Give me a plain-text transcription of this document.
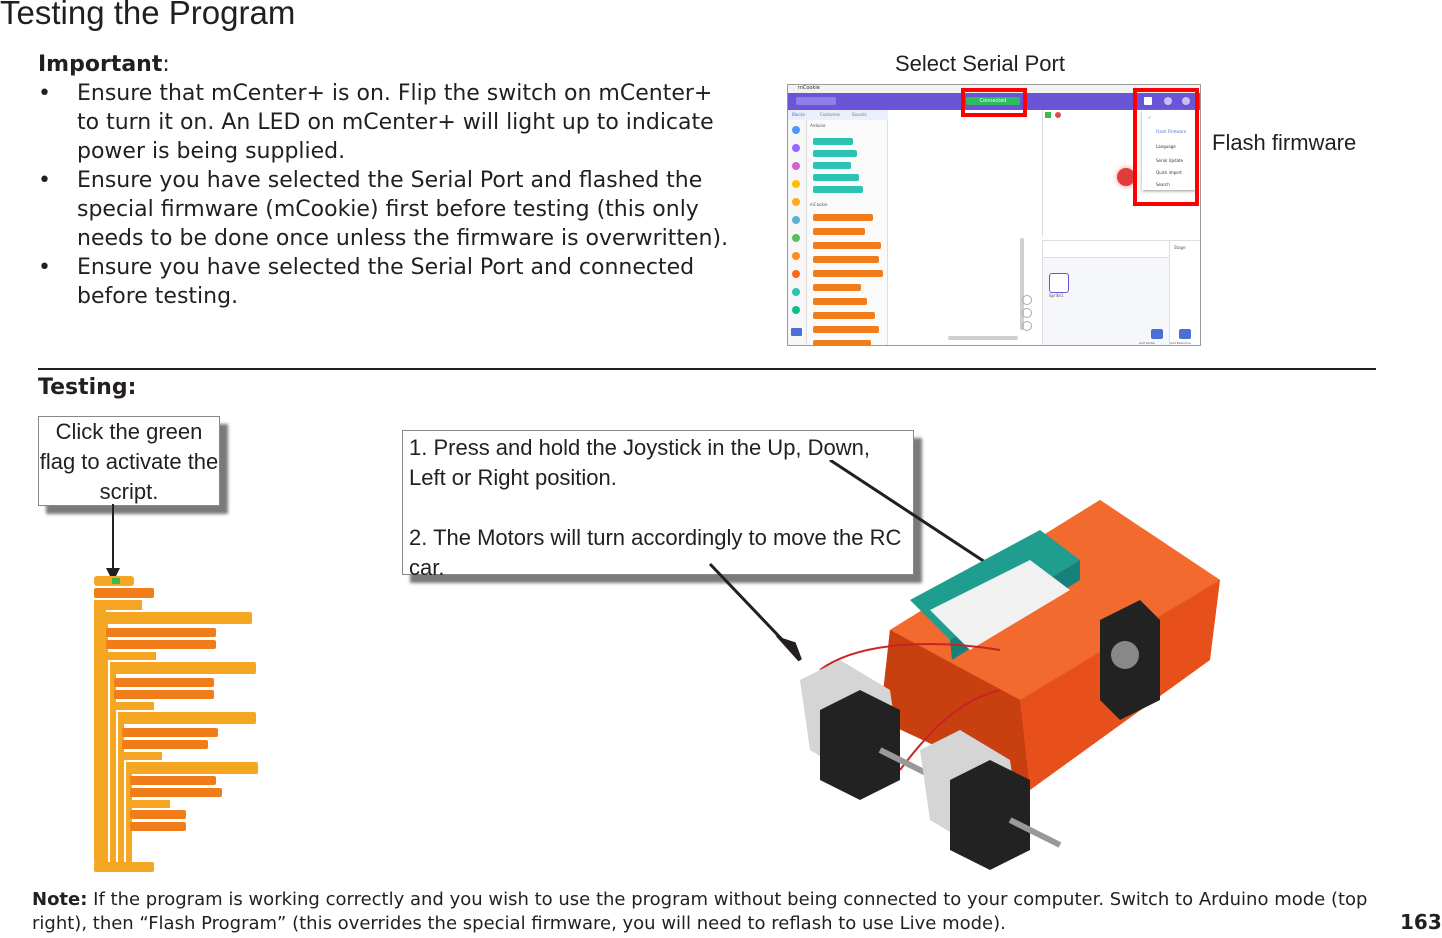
Testing the Program
Important:
• Ensure that mCenter+ is on. Flip the switch on mCenter+ to turn it on. An LED on mCenter+ will light up to indicate power is being supplied.
• Ensure you have selected the Serial Port and flashed the special firmware (mCookie) first before testing (this only needs to be done once unless the firmware is overwritten).
• Ensure you have selected the Serial Port and connected before testing.
Select Serial Port
Flash firmware
mCookie
Connected
Blocks	Costumes	Sounds
Arduino
mCookie
Sprite1
Add Sprite
Stage
Add Backdrop
✓
Flash Firmware
Language
Serial Update
Quick import
Search
Testing:
Click the green flag to activate the script.
1. Press and hold the Joystick in the Up, Down, Left or Right position.
2. The Motors will turn accordingly to move the RC car.
Note: If the program is working correctly and you wish to use the program without being connected to your computer. Switch to Arduino mode (top right), then “Flash Program” (this overrides the special firmware, you will need to reflash to use Live mode).	163
